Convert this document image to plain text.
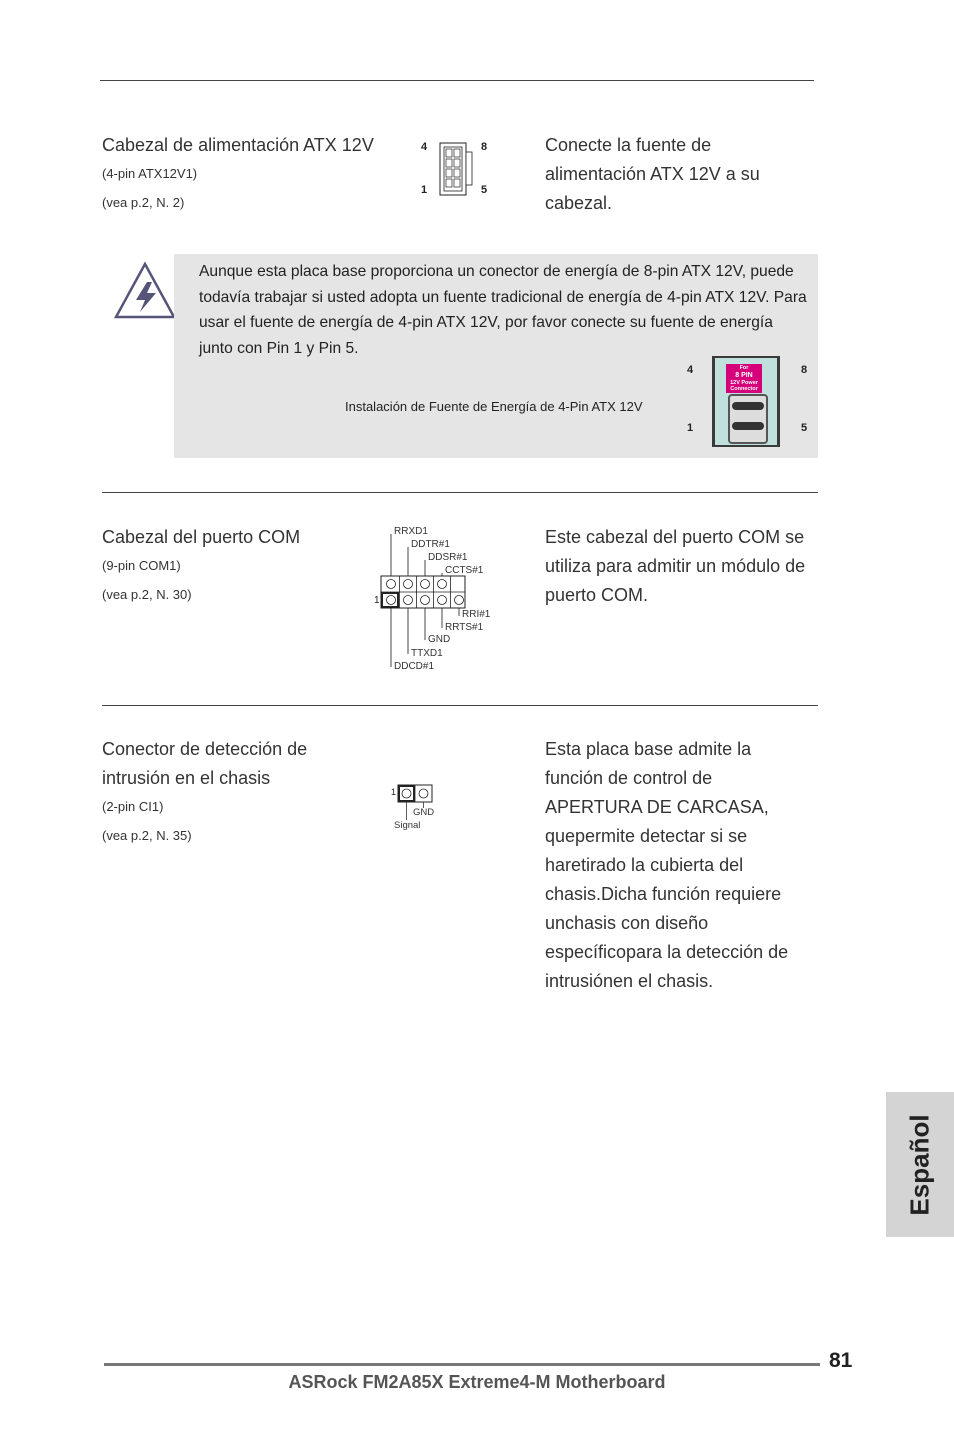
Cabezal de alimentación ATX 12V
(4-pin ATX12V1)
(vea p.2, N. 2)
4	8
1	5
Conecte la fuente de alimentación ATX 12V a su cabezal.
Aunque esta placa base proporciona un conector de energía de 8-pin ATX 12V, puede todavía trabajar si usted adopta un fuente tradicional de energía de 4-pin ATX 12V. Para usar el fuente de energía de 4-pin ATX 12V, por favor conecte su fuente de energía junto con Pin 1 y Pin 5.
Instalación de Fuente de Energía de 4-Pin ATX 12V
4	8
1	5
For
8 PIN
12V Power
Connector
Cabezal del puerto COM
(9-pin COM1)
(vea p.2, N. 30)	1
RRXD1
DDTR#1
DDSR#1
CCTS#1
RRI#1
RRTS#1
GND
TTXD1
DDCD#1
Este cabezal del puerto COM se utiliza para admitir un módulo de puerto COM.
Conector de detección de intrusión en el chasis
(2-pin CI1)
(vea p.2, N. 35)
1
GND
Signal
Esta placa base admite la función de control de APERTURA DE CARCASA, quepermite detectar si se haretirado la cubierta del chasis.Dicha función requiere unchasis con diseño específicopara la detección de intrusiónen el chasis.
Español
81
ASRock FM2A85X Extreme4-M Motherboard
